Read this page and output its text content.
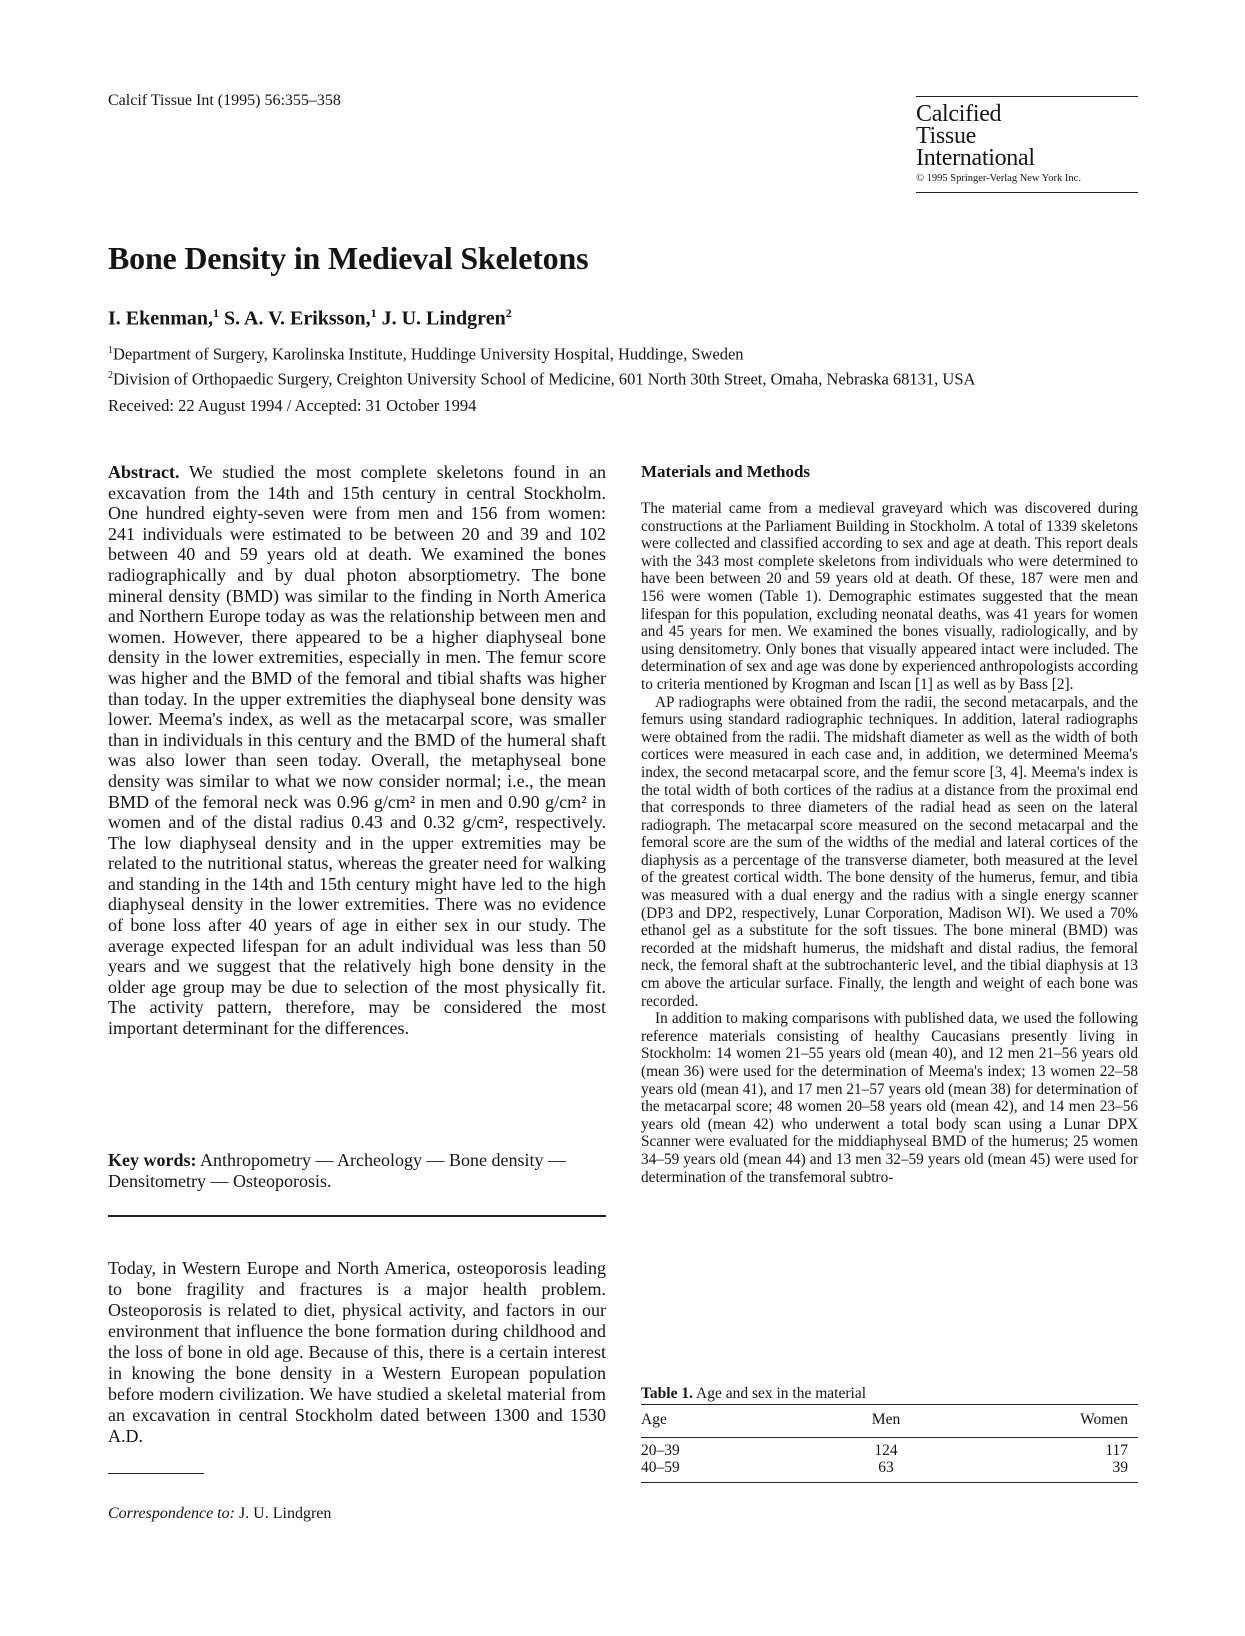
Calcif Tissue Int (1995) 56:355–358
Calcified
Tissue
International
© 1995 Springer-Verlag New York Inc.
Bone Density in Medieval Skeletons
I. Ekenman,$^1$ S. A. V. Eriksson,$^1$ J. U. Lindgren$^2$
$^1$Department of Surgery, Karolinska Institute, Huddinge University Hospital, Huddinge, Sweden
$^2$Division of Orthopaedic Surgery, Creighton University School of Medicine, 601 North 30th Street, Omaha, Nebraska 68131, USA
Received: 22 August 1994 / Accepted: 31 October 1994
Abstract. We studied the most complete skeletons found in an excavation from the 14th and 15th century in central Stockholm. One hundred eighty-seven were from men and 156 from women: 241 individuals were estimated to be between 20 and 39 and 102 between 40 and 59 years old at death. We examined the bones radiographically and by dual photon absorptiometry. The bone mineral density (BMD) was similar to the finding in North America and Northern Europe today as was the relationship between men and women. However, there appeared to be a higher diaphyseal bone density in the lower extremities, especially in men. The femur score was higher and the BMD of the femoral and tibial shafts was higher than today. In the upper extremities the diaphyseal bone density was lower. Meema's index, as well as the metacarpal score, was smaller than in individuals in this century and the BMD of the humeral shaft was also lower than seen today. Overall, the metaphyseal bone density was similar to what we now consider normal; i.e., the mean BMD of the femoral neck was 0.96 g/cm² in men and 0.90 g/cm² in women and of the distal radius 0.43 and 0.32 g/cm², respectively. The low diaphyseal density and in the upper extremities may be related to the nutritional status, whereas the greater need for walking and standing in the 14th and 15th century might have led to the high diaphyseal density in the lower extremities. There was no evidence of bone loss after 40 years of age in either sex in our study. The average expected lifespan for an adult individual was less than 50 years and we suggest that the relatively high bone density in the older age group may be due to selection of the most physically fit. The activity pattern, therefore, may be considered the most important determinant for the differences.
Key words: Anthropometry — Archeology — Bone density — Densitometry — Osteoporosis.
Today, in Western Europe and North America, osteoporosis leading to bone fragility and fractures is a major health problem. Osteoporosis is related to diet, physical activity, and factors in our environment that influence the bone formation during childhood and the loss of bone in old age. Because of this, there is a certain interest in knowing the bone density in a Western European population before modern civilization. We have studied a skeletal material from an excavation in central Stockholm dated between 1300 and 1530 A.D.
Correspondence to: J. U. Lindgren
Materials and Methods

The material came from a medieval graveyard which was discovered during constructions at the Parliament Building in Stockholm. A total of 1339 skeletons were collected and classified according to sex and age at death. This report deals with the 343 most complete skeletons from individuals who were determined to have been between 20 and 59 years old at death. Of these, 187 were men and 156 were women (Table 1). Demographic estimates suggested that the mean lifespan for this population, excluding neonatal deaths, was 41 years for women and 45 years for men. We examined the bones visually, radiologically, and by using densitometry. Only bones that visually appeared intact were included. The determination of sex and age was done by experienced anthropologists according to criteria mentioned by Krogman and Iscan [1] as well as by Bass [2].

AP radiographs were obtained from the radii, the second metacarpals, and the femurs using standard radiographic techniques. In addition, lateral radiographs were obtained from the radii. The midshaft diameter as well as the width of both cortices were measured in each case and, in addition, we determined Meema's index, the second metacarpal score, and the femur score [3, 4]. Meema's index is the total width of both cortices of the radius at a distance from the proximal end that corresponds to three diameters of the radial head as seen on the lateral radiograph. The metacarpal score measured on the second metacarpal and the femoral score are the sum of the widths of the medial and lateral cortices of the diaphysis as a percentage of the transverse diameter, both measured at the level of the greatest cortical width. The bone density of the humerus, femur, and tibia was measured with a dual energy and the radius with a single energy scanner (DP3 and DP2, respectively, Lunar Corporation, Madison WI). We used a 70% ethanol gel as a substitute for the soft tissues. The bone mineral (BMD) was recorded at the midshaft humerus, the midshaft and distal radius, the femoral neck, the femoral shaft at the subtrochanteric level, and the tibial diaphysis at 13 cm above the articular surface. Finally, the length and weight of each bone was recorded.

In addition to making comparisons with published data, we used the following reference materials consisting of healthy Caucasians presently living in Stockholm: 14 women 21–55 years old (mean 40), and 12 men 21–56 years old (mean 36) were used for the determination of Meema's index; 13 women 22–58 years old (mean 41), and 17 men 21–57 years old (mean 38) for determination of the metacarpal score; 48 women 20–58 years old (mean 42), and 14 men 23–56 years old (mean 42) who underwent a total body scan using a Lunar DPX Scanner were evaluated for the middiaphyseal BMD of the humerus; 25 women 34–59 years old (mean 44) and 13 men 32–59 years old (mean 45) were used for determination of the transfemoral subtro-

Table 1. Age and sex in the material
Age	Men	Women
20–39	124	117
40–59	63	39
